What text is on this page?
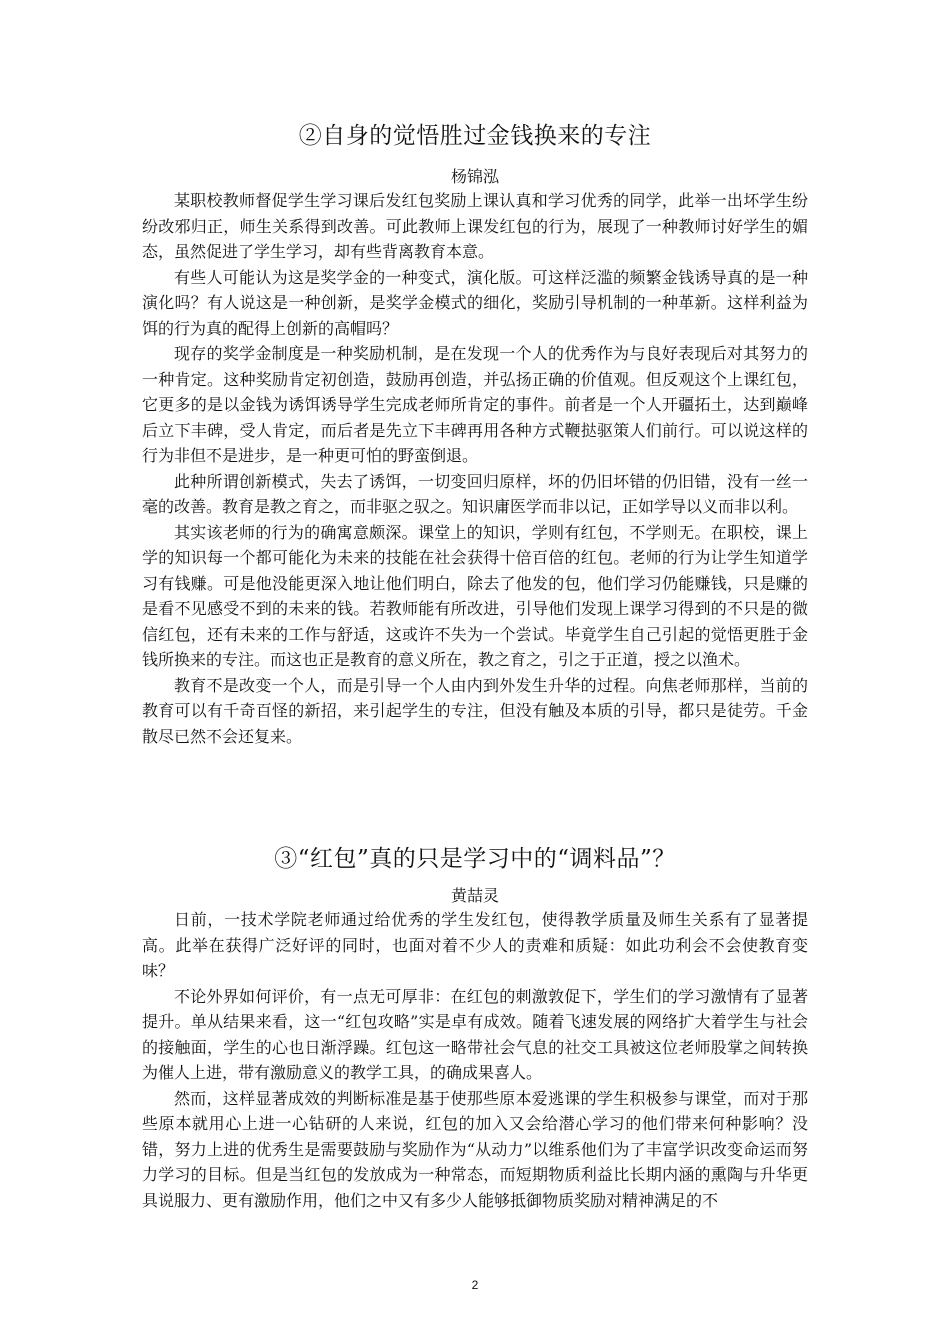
②自身的觉悟胜过金钱换来的专注

杨锦泓

某职校教师督促学生学习课后发红包奖励上课认真和学习优秀的同学，此举一出坏学生纷纷改邪归正，师生关系得到改善。可此教师上课发红包的行为，展现了一种教师讨好学生的媚态，虽然促进了学生学习，却有些背离教育本意。

有些人可能认为这是奖学金的一种变式，演化版。可这样泛滥的频繁金钱诱导真的是一种演化吗？有人说这是一种创新，是奖学金模式的细化，奖励引导机制的一种革新。这样利益为饵的行为真的配得上创新的高帽吗？

现存的奖学金制度是一种奖励机制，是在发现一个人的优秀作为与良好表现后对其努力的一种肯定。这种奖励肯定初创造，鼓励再创造，并弘扬正确的价值观。但反观这个上课红包，它更多的是以金钱为诱饵诱导学生完成老师所肯定的事件。前者是一个人开疆拓土，达到巅峰后立下丰碑，受人肯定，而后者是先立下丰碑再用各种方式鞭挞驱策人们前行。可以说这样的行为非但不是进步，是一种更可怕的野蛮倒退。

此种所谓创新模式，失去了诱饵，一切变回归原样，坏的仍旧坏错的仍旧错，没有一丝一毫的改善。教育是教之育之，而非驱之驭之。知识庸医学而非以记，正如学导以义而非以利。

其实该老师的行为的确寓意颇深。课堂上的知识，学则有红包，不学则无。在职校，课上学的知识每一个都可能化为未来的技能在社会获得十倍百倍的红包。老师的行为让学生知道学习有钱赚。可是他没能更深入地让他们明白，除去了他发的包，他们学习仍能赚钱，只是赚的是看不见感受不到的未来的钱。若教师能有所改进，引导他们发现上课学习得到的不只是的微信红包，还有未来的工作与舒适，这或许不失为一个尝试。毕竟学生自己引起的觉悟更胜于金钱所换来的专注。而这也正是教育的意义所在，教之育之，引之于正道，授之以渔术。

教育不是改变一个人，而是引导一个人由内到外发生升华的过程。向焦老师那样，当前的教育可以有千奇百怪的新招，来引起学生的专注，但没有触及本质的引导，都只是徒劳。千金散尽已然不会还复来。

③“红包”真的只是学习中的“调料品”？

黄喆灵

日前，一技术学院老师通过给优秀的学生发红包，使得教学质量及师生关系有了显著提高。此举在获得广泛好评的同时，也面对着不少人的责难和质疑：如此功利会不会使教育变味？

不论外界如何评价，有一点无可厚非：在红包的刺激敦促下，学生们的学习激情有了显著提升。单从结果来看，这一“红包攻略”实是卓有成效。随着飞速发展的网络扩大着学生与社会的接触面，学生的心也日渐浮躁。红包这一略带社会气息的社交工具被这位老师股掌之间转换为催人上进，带有激励意义的教学工具，的确成果喜人。

然而，这样显著成效的判断标准是基于使那些原本爱逃课的学生积极参与课堂，而对于那些原本就用心上进一心钻研的人来说，红包的加入又会给潜心学习的他们带来何种影响？没错，努力上进的优秀生是需要鼓励与奖励作为“从动力”以维系他们为了丰富学识改变命运而努力学习的目标。但是当红包的发放成为一种常态，而短期物质利益比长期内涵的熏陶与升华更具说服力、更有激励作用，他们之中又有多少人能够抵御物质奖励对精神满足的不

2
